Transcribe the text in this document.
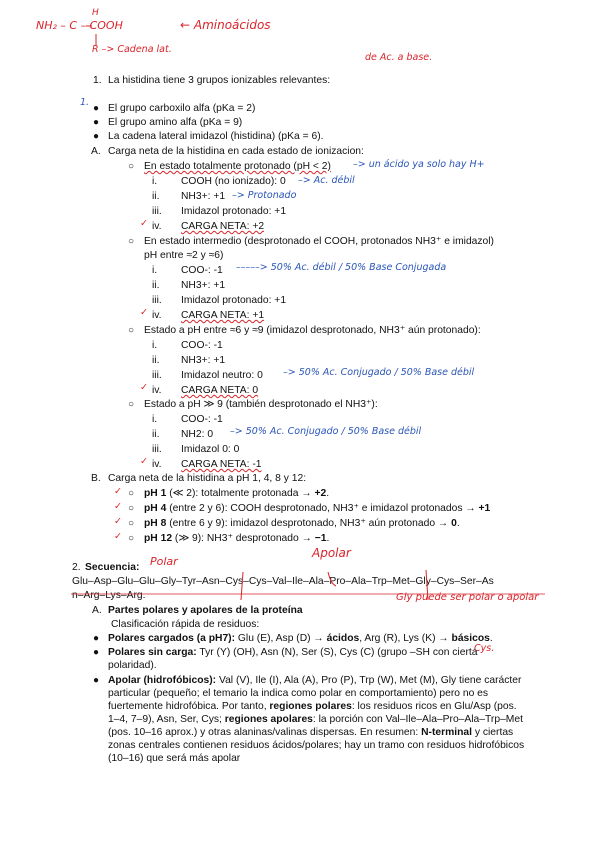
NH₂ – C – COOH
H
R –> Cadena lat.
← Aminoácidos
de Ac. a base.
1.
1. La histidina tiene 3 grupos ionizables relevantes:
● El grupo carboxilo alfa (pKa = 2)
● El grupo amino alfa (pKa = 9)
● La cadena lateral imidazol (histidina) (pKa = 6).
A. Carga neta de la histidina en cada estado de ionizacion:
○ En estado totalmente protonado (pH < 2) –> un ácido ya solo hay H+
i. COOH (no ionizado): 0 –> Ac. débil
ii. NH3+: +1 –> Protonado
iii. Imidazol protonado: +1
✓ iv. CARGA NETA: +2
○ En estado intermedio (desprotonado el COOH, protonados NH3⁺ e imidazol)
pH entre ≈2 y ≈6)
i. COO-: -1 –––––> 50% Ac. débil / 50% Base Conjugada
ii. NH3+: +1
iii. Imidazol protonado: +1
✓ iv. CARGA NETA: +1
○ Estado a pH entre ≈6 y ≈9 (imidazol desprotonado, NH3⁺ aún protonado):
i. COO-: -1
ii. NH3+: +1
iii. Imidazol neutro: 0 –> 50% Ac. Conjugado / 50% Base débil
✓ iv. CARGA NETA: 0
○ Estado a pH ≫ 9 (también desprotonado el NH3⁺):
i. COO-: -1
ii. NH2: 0 –> 50% Ac. Conjugado / 50% Base débil
iii. Imidazol 0: 0
✓ iv. CARGA NETA: -1
B. Carga neta de la histidina a pH 1, 4, 8 y 12:
✓ ○ pH 1 (≪ 2): totalmente protonada → +2.
✓ ○ pH 4 (entre 2 y 6): COOH desprotonado, NH3⁺ e imidazol protonados → +1
✓ ○ pH 8 (entre 6 y 9): imidazol desprotonado, NH3⁺ aún protonado → 0.
✓ ○ pH 12 (≫ 9): NH3⁺ desprotonado → −1.
Polar
Apolar
2. Secuencia:
Glu–Asp–Glu–Glu–Gly–Tyr–Asn–Cys–Cys–Val–Ile–Ala–Pro–Ala–Trp–Met–Gly–Cys–Ser–As
n–Arg–Lys–Arg.	Gly puede ser polar o apolar
A. Partes polares y apolares de la proteína
Clasificación rápida de residuos:
● Polares cargados (a pH7): Glu (E), Asp (D) → ácidos, Arg (R), Lys (K) → básicos.
Cys.
● Polares sin carga: Tyr (Y) (OH), Asn (N), Ser (S), Cys (C) (grupo –SH con cierta polaridad).
● Apolar (hidrofóbicos): Val (V), Ile (I), Ala (A), Pro (P), Trp (W), Met (M), Gly tiene carácter particular (pequeño; el temario la indica como polar en comportamiento) pero no es fuertemente hidrofóbica. Por tanto, regiones polares: los residuos ricos en Glu/Asp (pos. 1–4, 7–9), Asn, Ser, Cys; regiones apolares: la porción con Val–Ile–Ala–Pro–Ala–Trp–Met (pos. 10–16 aprox.) y otras alaninas/valinas dispersas. En resumen: N-terminal y ciertas zonas centrales contienen residuos ácidos/polares; hay un tramo con residuos hidrofóbicos (10–16) que será más apolar
